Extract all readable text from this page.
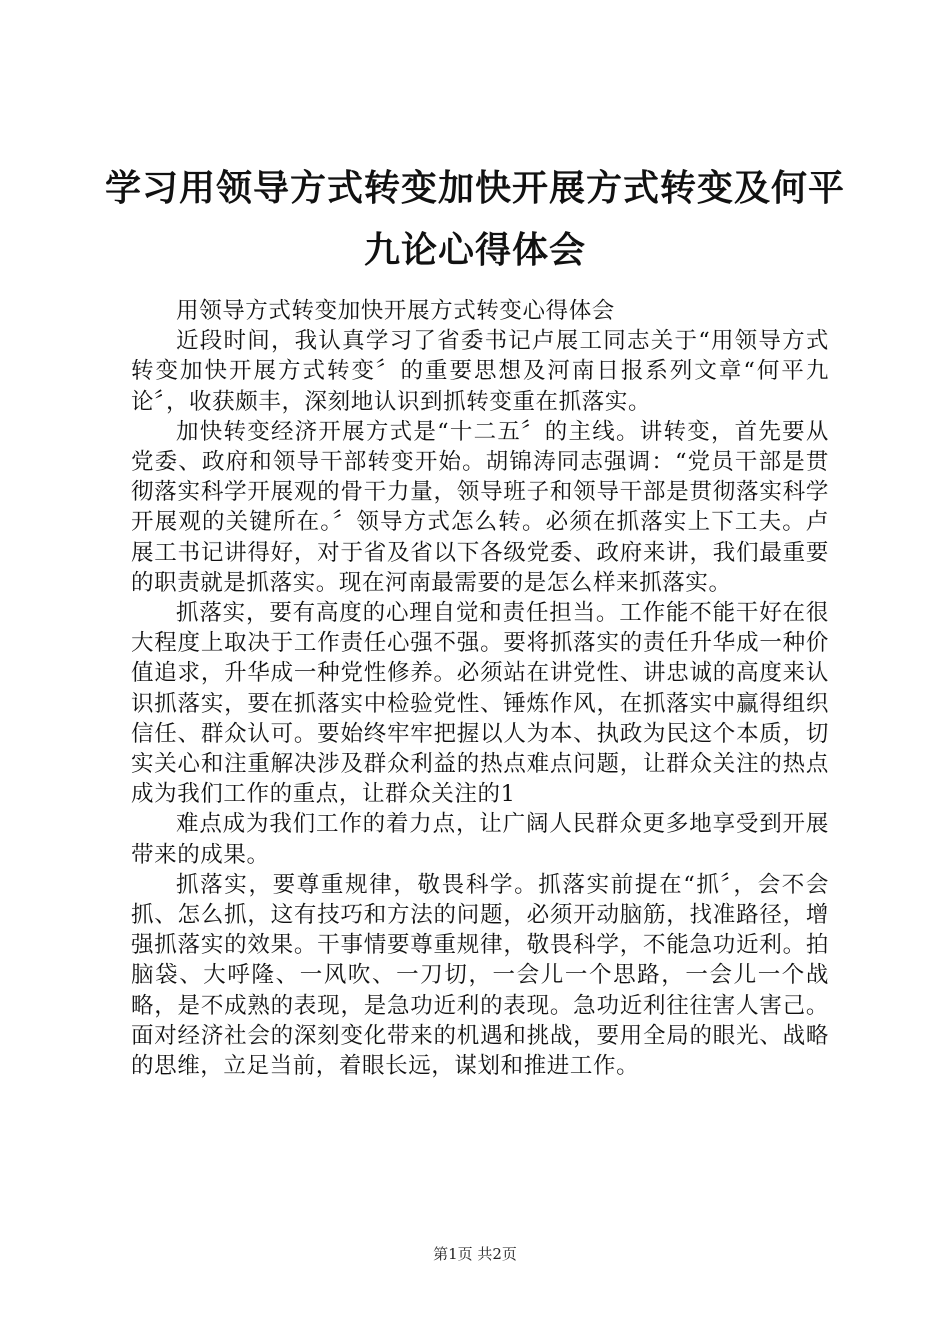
学习用领导方式转变加快开展方式转变及何平九论心得体会

用领导方式转变加快开展方式转变心得体会

近段时间，我认真学习了省委书记卢展工同志关于“用领导方式转变加快开展方式转变〞的重要思想及河南日报系列文章“何平九论〞，收获颇丰，深刻地认识到抓转变重在抓落实。

加快转变经济开展方式是“十二五〞的主线。讲转变，首先要从党委、政府和领导干部转变开始。胡锦涛同志强调：“党员干部是贯彻落实科学开展观的骨干力量，领导班子和领导干部是贯彻落实科学开展观的关键所在。〞领导方式怎么转。必须在抓落实上下工夫。卢展工书记讲得好，对于省及省以下各级党委、政府来讲，我们最重要的职责就是抓落实。现在河南最需要的是怎么样来抓落实。

抓落实，要有高度的心理自觉和责任担当。工作能不能干好在很大程度上取决于工作责任心强不强。要将抓落实的责任升华成一种价值追求，升华成一种党性修养。必须站在讲党性、讲忠诚的高度来认识抓落实，要在抓落实中检验党性、锤炼作风，在抓落实中赢得组织信任、群众认可。要始终牢牢把握以人为本、执政为民这个本质，切实关心和注重解决涉及群众利益的热点难点问题，让群众关注的热点成为我们工作的重点，让群众关注的1

难点成为我们工作的着力点，让广阔人民群众更多地享受到开展带来的成果。

抓落实，要尊重规律，敬畏科学。抓落实前提在“抓〞，会不会抓、怎么抓，这有技巧和方法的问题，必须开动脑筋，找准路径，增强抓落实的效果。干事情要尊重规律，敬畏科学，不能急功近利。拍脑袋、大呼隆、一风吹、一刀切，一会儿一个思路，一会儿一个战略，是不成熟的表现，是急功近利的表现。急功近利往往害人害己。面对经济社会的深刻变化带来的机遇和挑战，要用全局的眼光、战略的思维，立足当前，着眼长远，谋划和推进工作。

第1页 共2页
